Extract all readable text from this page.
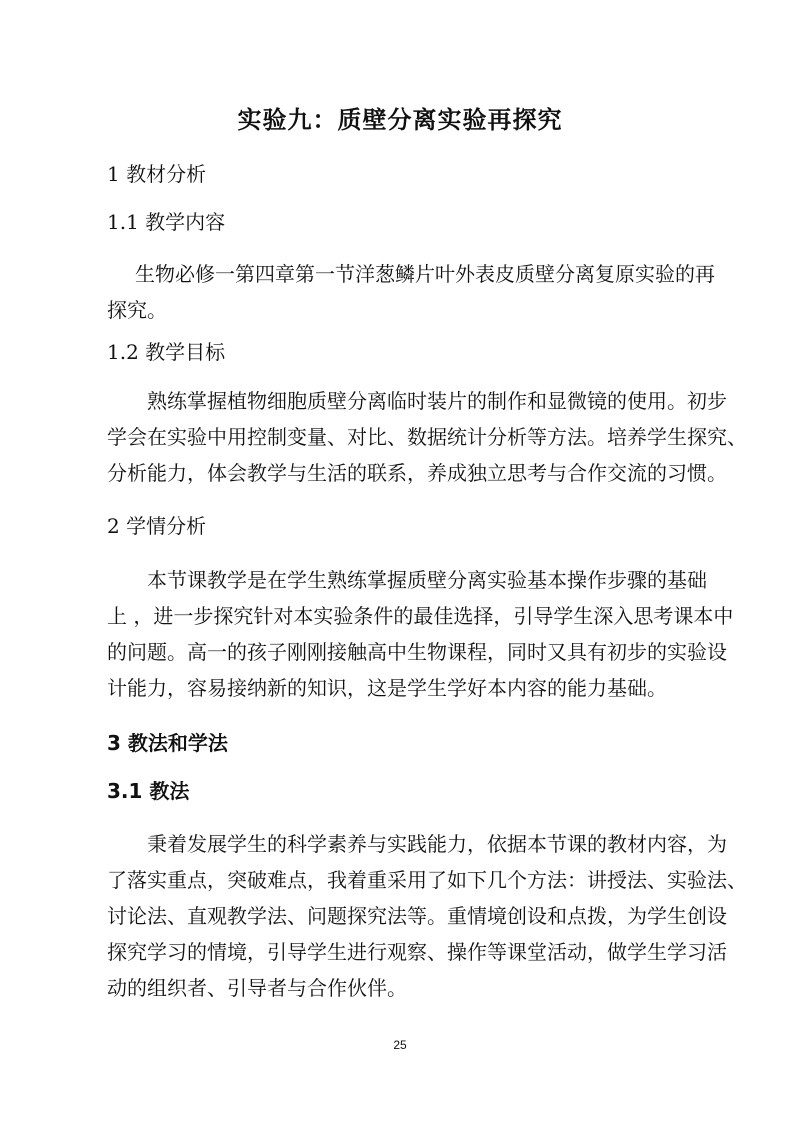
实验九：质壁分离实验再探究
1 教材分析
1.1 教学内容
生物必修一第四章第一节洋葱鳞片叶外表皮质壁分离复原实验的再
探究。
1.2 教学目标
熟练掌握植物细胞质壁分离临时装片的制作和显微镜的使用。初步
学会在实验中用控制变量、对比、数据统计分析等方法。培养学生探究、
分析能力，体会教学与生活的联系，养成独立思考与合作交流的习惯。
2 学情分析
本节课教学是在学生熟练掌握质壁分离实验基本操作步骤的基础
上 ，进一步探究针对本实验条件的最佳选择，引导学生深入思考课本中
的问题。高一的孩子刚刚接触高中生物课程，同时又具有初步的实验设
计能力，容易接纳新的知识，这是学生学好本内容的能力基础。
3 教法和学法
3.1 教法
秉着发展学生的科学素养与实践能力，依据本节课的教材内容，为
了落实重点，突破难点，我着重采用了如下几个方法：讲授法、实验法、
讨论法、直观教学法、问题探究法等。重情境创设和点拨，为学生创设
探究学习的情境，引导学生进行观察、操作等课堂活动，做学生学习活
动的组织者、引导者与合作伙伴。
25
